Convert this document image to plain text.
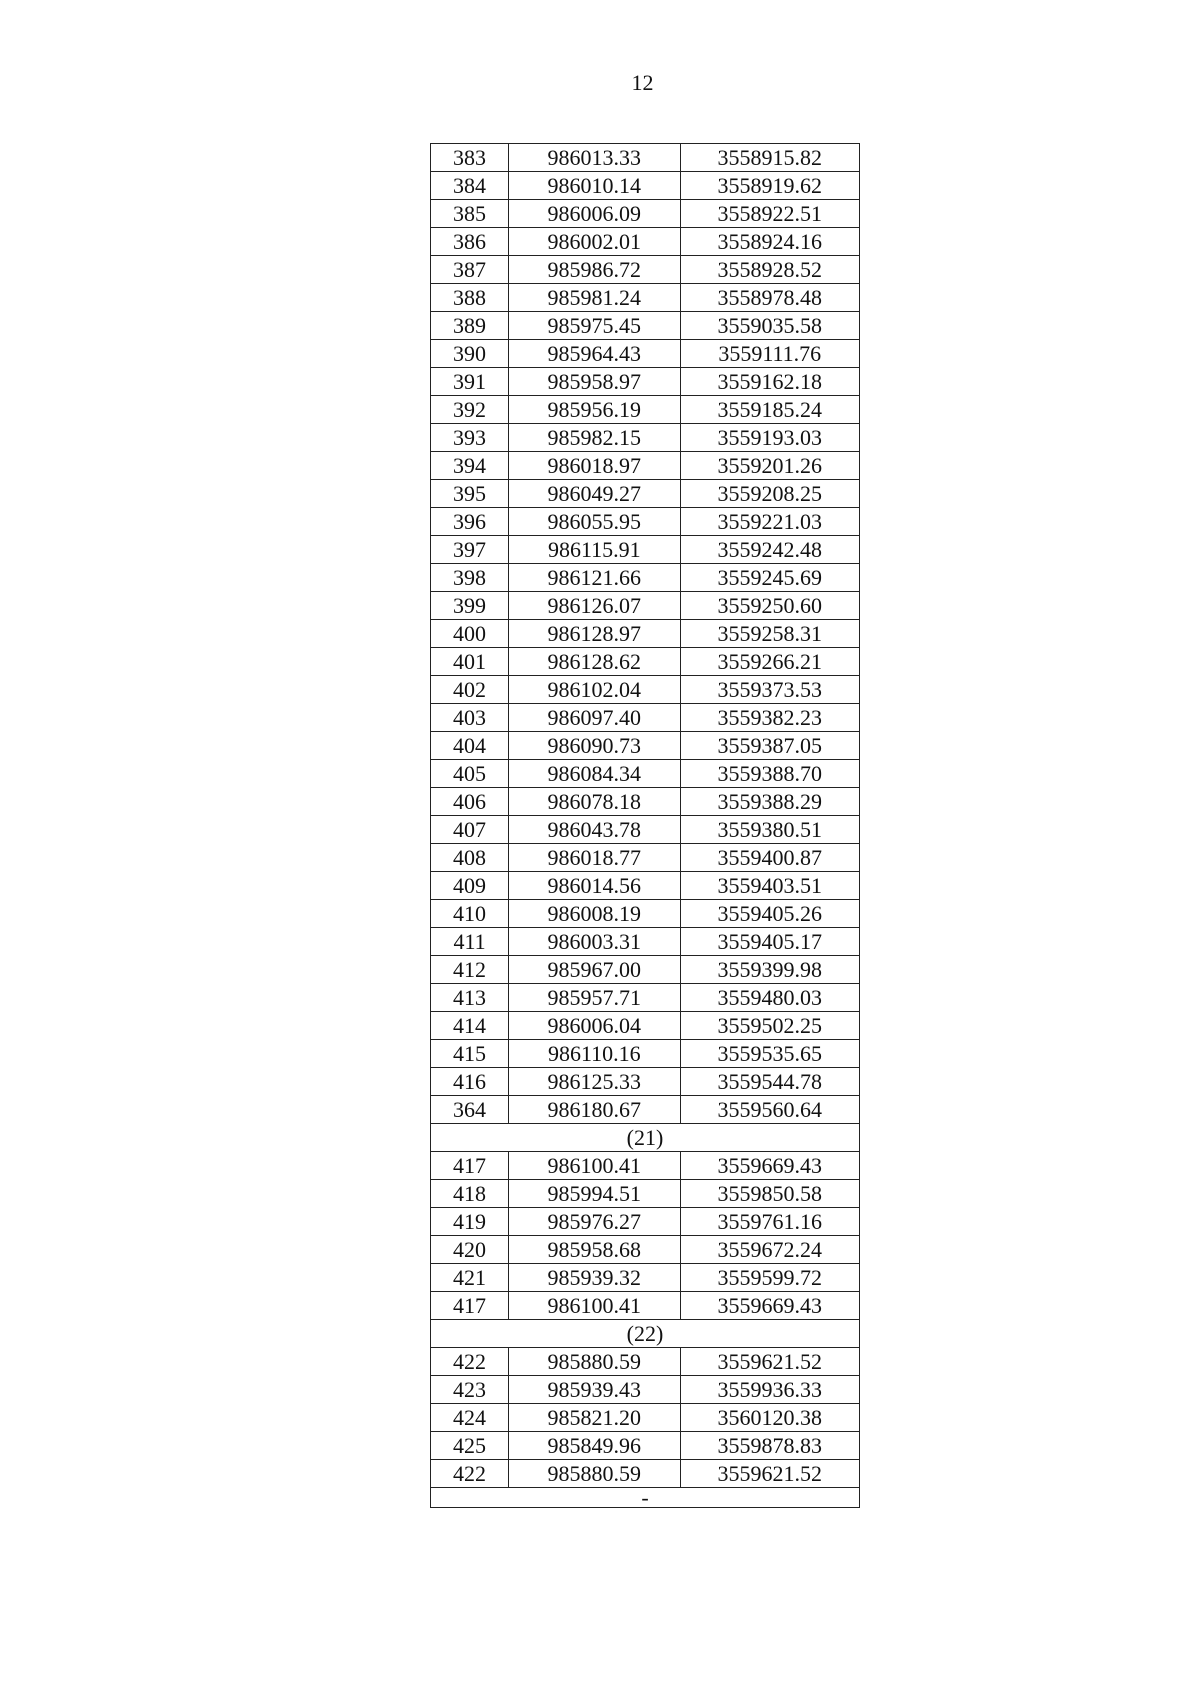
12
383	986013.33	3558915.82
384	986010.14	3558919.62
385	986006.09	3558922.51
386	986002.01	3558924.16
387	985986.72	3558928.52
388	985981.24	3558978.48
389	985975.45	3559035.58
390	985964.43	3559111.76
391	985958.97	3559162.18
392	985956.19	3559185.24
393	985982.15	3559193.03
394	986018.97	3559201.26
395	986049.27	3559208.25
396	986055.95	3559221.03
397	986115.91	3559242.48
398	986121.66	3559245.69
399	986126.07	3559250.60
400	986128.97	3559258.31
401	986128.62	3559266.21
402	986102.04	3559373.53
403	986097.40	3559382.23
404	986090.73	3559387.05
405	986084.34	3559388.70
406	986078.18	3559388.29
407	986043.78	3559380.51
408	986018.77	3559400.87
409	986014.56	3559403.51
410	986008.19	3559405.26
411	986003.31	3559405.17
412	985967.00	3559399.98
413	985957.71	3559480.03
414	986006.04	3559502.25
415	986110.16	3559535.65
416	986125.33	3559544.78
364	986180.67	3559560.64
(21)		
417	986100.41	3559669.43
418	985994.51	3559850.58
419	985976.27	3559761.16
420	985958.68	3559672.24
421	985939.32	3559599.72
417	986100.41	3559669.43
(22)		
422	985880.59	3559621.52
423	985939.43	3559936.33
424	985821.20	3560120.38
425	985849.96	3559878.83
422	985880.59	3559621.52
-		
